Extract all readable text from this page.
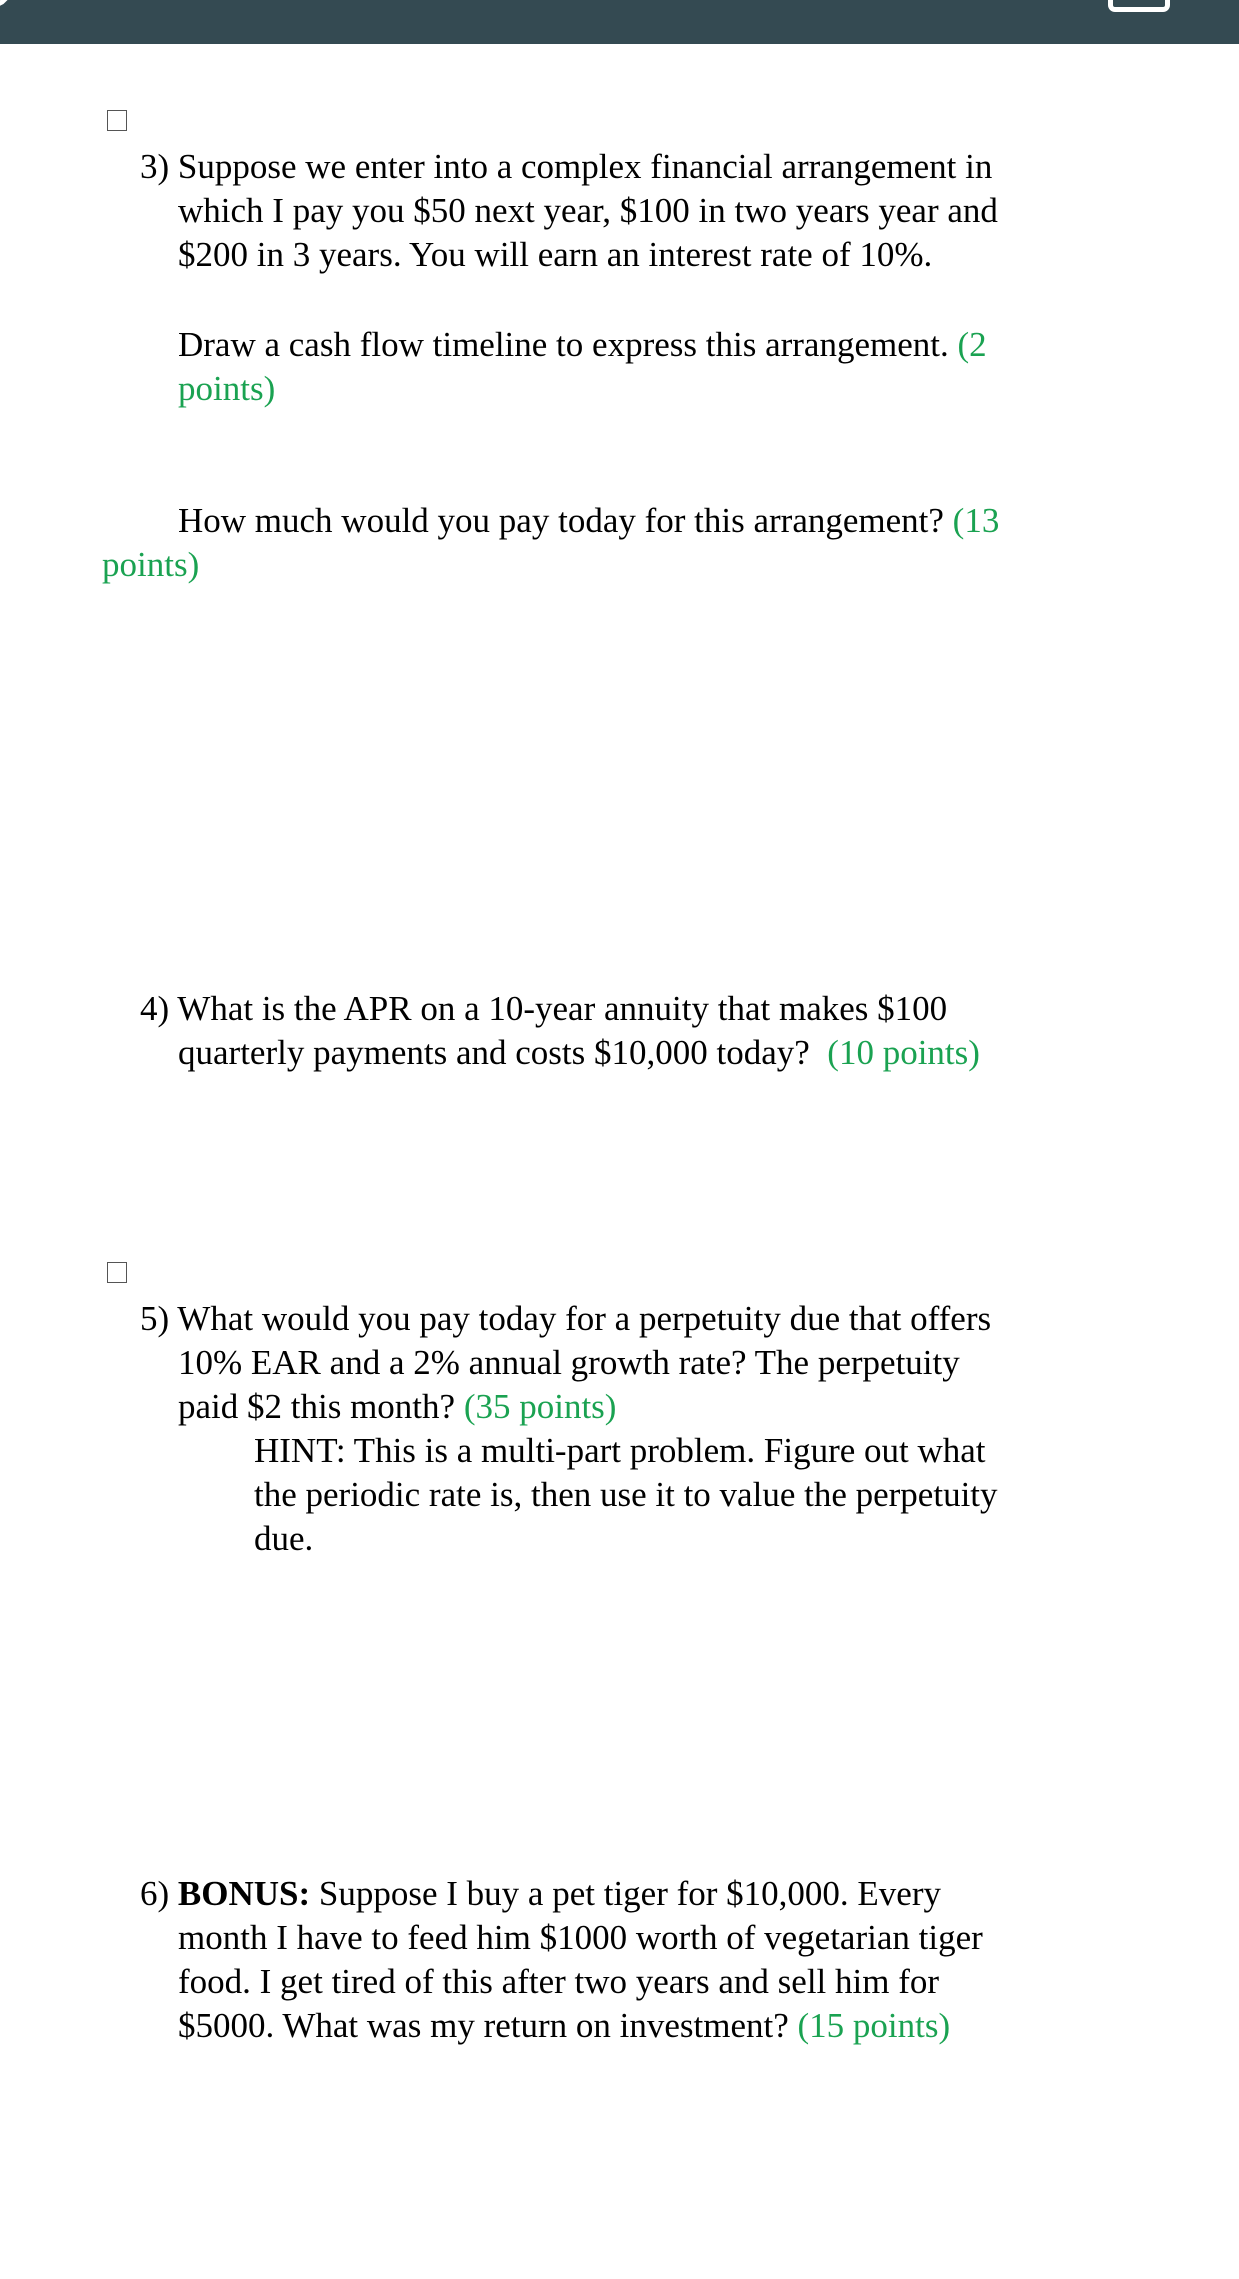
3) Suppose we enter into a complex financial arrangement in
which I pay you $50 next year, $100 in two years year and
$200 in 3 years. You will earn an interest rate of 10%.
Draw a cash flow timeline to express this arrangement. (2
points)
How much would you pay today for this arrangement? (13
points)
4) What is the APR on a 10-year annuity that makes $100
quarterly payments and costs $10,000 today? (10 points)
5) What would you pay today for a perpetuity due that offers
10% EAR and a 2% annual growth rate? The perpetuity
paid $2 this month? (35 points)
HINT: This is a multi-part problem. Figure out what
the periodic rate is, then use it to value the perpetuity
due.
6) BONUS: Suppose I buy a pet tiger for $10,000. Every
month I have to feed him $1000 worth of vegetarian tiger
food. I get tired of this after two years and sell him for
$5000. What was my return on investment? (15 points)
